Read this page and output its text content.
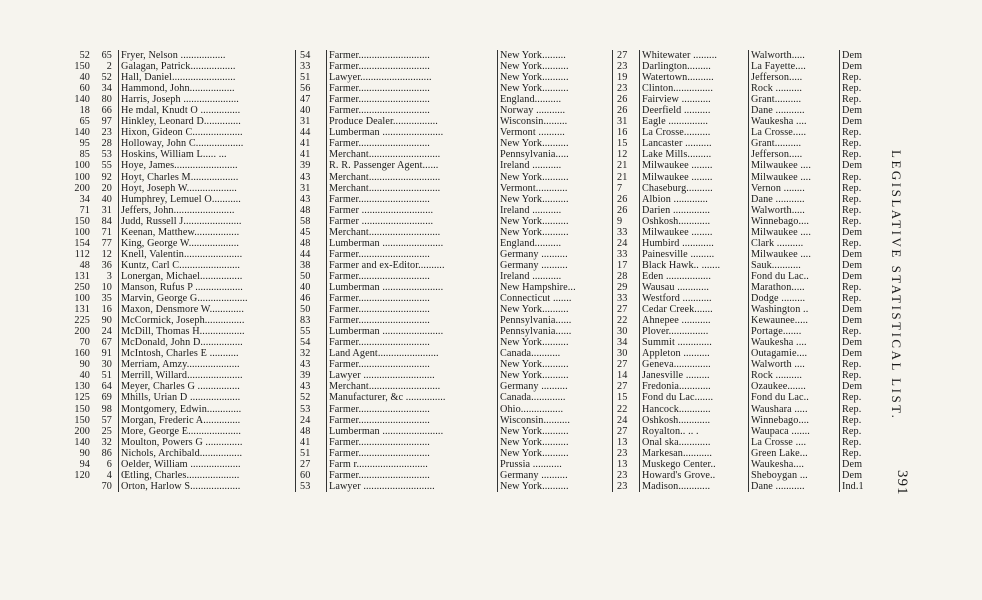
52	65	Fryer, Nelson .................	54	Farmer...........................	New York.........	27	Whitewater .........	Walworth.....	Dem
150	2	Galagan, Patrick.................	33	Farmer...........................	New York..........	23	Darlington.........	La Fayette....	Dem
40	52	Hall, Daniel........................	51	Lawyer...........................	New York..........	19	Watertown..........	Jefferson.....	Rep.
60	34	Hammond, John.................	56	Farmer...........................	New York..........	23	Clinton...............	Rock ..........	Rep.
140	80	Harris, Joseph .....................	47	Farmer...........................	England..........	26	Fairview ...........	Grant..........	Rep.
18	66	He mdal, Knudt O ...............	40	Farmer...........................	Norway ...........	26	Deerfield ..........	Dane ...........	Dem
65	97	Hinkley, Leonard D..............	31	Produce Dealer.................	Wisconsin.........	31	Eagle ...............	Waukesha ....	Dem
140	23	Hixon, Gideon C...................	44	Lumberman .......................	Vermont ..........	16	La Crosse..........	La Crosse.....	Rep.
95	28	Holloway, John C..................	41	Farmer...........................	New York..........	15	Lancaster ..........	Grant..........	Rep.
85	53	Hoskins, William L..... ...	41	Merchant...........................	Pennsylvania.....	12	Lake Mills.........	Jefferson.....	Rep.
100	55	Hoye, James........................	39	R. R. Passenger Agent......	Ireland ...........	21	Milwaukee ........	Milwaukee ....	Dem
100	92	Hoyt, Charles M..................	43	Merchant...........................	New York..........	21	Milwaukee ........	Milwaukee ....	Rep.
200	20	Hoyt, Joseph W...................	31	Merchant...........................	Vermont............	7	Chaseburg..........	Vernon ........	Rep.
34	40	Humphrey, Lemuel O...........	43	Farmer...........................	New York..........	26	Albion .............	Dane ...........	Rep.
71	31	Jeffers, John.......................	48	Farmer ...........................	Ireland ...........	26	Darien ..............	Walworth.....	Rep.
150	84	Judd, Russell J......................	58	Farmer ...........................	New York..........	9	Oshkosh............	Winnebago....	Rep.
100	71	Keenan, Matthew.................	45	Merchant...........................	New York..........	33	Milwaukee ........	Milwaukee ....	Dem
154	77	King, George W...................	48	Lumberman .......................	England..........	24	Humbird ............	Clark ..........	Rep.
112	12	Knell, Valentin......................	44	Farmer...........................	Germany ..........	33	Painesville .........	Milwaukee ....	Dem
48	36	Kuntz, Carl C.......................	38	Farmer and ex-Editor..........	Germany ..........	17	Black Hawk.. .......	Sauk...........	Dem
131	3	Lonergan, Michael................	50	Farmer...........................	Ireland ...........	28	Eden .................	Fond du Lac..	Dem
250	10	Manson, Rufus P ..................	40	Lumberman .......................	New Hampshire...	29	Wausau ............	Marathon.....	Rep.
100	35	Marvin, George G...................	46	Farmer...........................	Connecticut .......	33	Westford ...........	Dodge .........	Rep.
131	16	Maxon, Densmore W.............	50	Farmer...........................	New York..........	27	Cedar Creek.......	Washington ..	Dem
225	90	McCormick, Joseph...............	83	Farmer...........................	Pennsylvania......	22	Ahnepee ...........	Kewaunee.....	Dem
200	24	McDill, Thomas H.................	55	Lumberman .......................	Pennsylvania......	30	Plover...............	Portage.......	Rep.
70	67	McDonald, John D................	54	Farmer...........................	New York..........	34	Summit .............	Waukesha ....	Dem
160	91	McIntosh, Charles E ...........	32	Land Agent.......................	Canada...........	30	Appleton ..........	Outagamie....	Dem
90	30	Merriam, Amzy....................	43	Farmer...........................	New York..........	27	Geneva..............	Walworth ....	Rep.
40	51	Merrill, Willard.....................	39	Lawyer ...........................	New York..........	14	Janesville .........	Rock ..........	Rep.
130	64	Meyer, Charles G ................	43	Merchant...........................	Germany ..........	27	Fredonia............	Ozaukee.......	Dem
125	69	Mhills, Urian D ...................	52	Manufacturer, &c ...............	Canada.............	15	Fond du Lac.......	Fond du Lac..	Rep.
150	98	Montgomery, Edwin.............	53	Farmer...........................	Ohio................	22	Hancock............	Waushara .....	Rep.
150	57	Morgan, Frederic A..............	24	Farmer...........................	Wisconsin..........	24	Oshkosh............	Winnebago....	Rep.
200	25	More, George E....................	48	Lumberman .......................	New York..........	27	Royalton.. .. .	Waupaca .......	Rep.
140	32	Moulton, Powers G ..............	41	Farmer...........................	New York..........	13	Onal ska............	La Crosse ....	Rep.
90	86	Nichols, Archibald................	51	Farmer...........................	New York..........	23	Markesan...........	Green Lake...	Rep.
94	6	Oelder, William ...................	27	Farm r...........................	Prussia ...........	13	Muskego Center..	Waukesha....	Dem
120	4	Œtling, Charles....................	60	Farmer...........................	Germany ..........	23	Howard's Grove..	Sheboygan ...	Dem
	70	Orton, Harlow S...................	53	Lawyer ...........................	New York..........	23	Madison............	Dane ...........	Ind.1
LEGISLATIVE STATISTICAL LIST.
391
